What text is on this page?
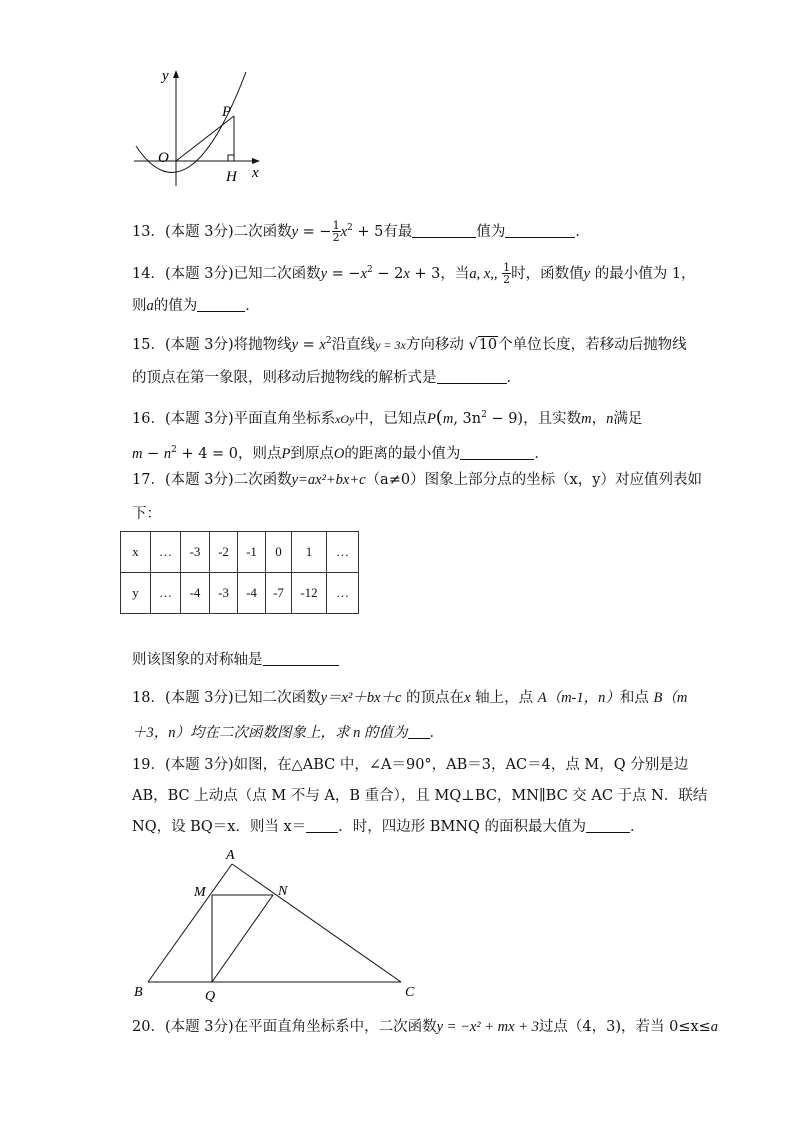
y
O
P
H x
13．(本题 3分)二次函数y = − $\frac{1}{2} x^2 + 5$有最	值为	．
14．(本题 3分)已知二次函数$y = -x^2 - 2x + 3$，当a, x,, $\frac{1}{2}$ 时，函数值y 的最小值为 1，
则a的值为	．
15．(本题 3分)将抛物线$y = x^2$沿直线y = 3x方向移动 √10个单位长度，若移动后抛物线
的顶点在第一象限，则移动后抛物线的解析式是	．
16．(本题 3分)平面直角坐标系xOy中，已知点P(m, $3n^2 - 9$)，且实数m，n满足
$m - n^2 + 4 = 0$，则点P到原点O的距离的最小值为	．
17．(本题 3分)二次函数y=ax²+bx+c（a≠0）图象上部分点的坐标（x，y）对应值列表如
下：
x	…	-3	-2	-1	0	1	…
y	…	-4	-3	-4	-7	-12	…
则该图象的对称轴是
18．(本题 3分)已知二次函数y＝x²＋bx＋c 的顶点在x 轴上，点 A（m-1，n）和点 B（m
＋3，n）均在二次函数图象上，求 n 的值为 ．
19．(本题 3分)如图，在△ABC 中，∠A＝90°，AB＝3，AC＝4，点 M，Q 分别是边
AB，BC 上动点（点 M 不与 A，B 重合），且 MQ⊥BC，MN∥BC 交 AC 于点 N．联结
NQ，设 BQ＝x．则当 x＝ ．时，四边形 BMNQ 的面积最大值为	．
A
M	N
B	Q	C
20．(本题 3分)在平面直角坐标系中，二次函数y = −x² + mx + 3过点（4，3)，若当 0≤x≤a
